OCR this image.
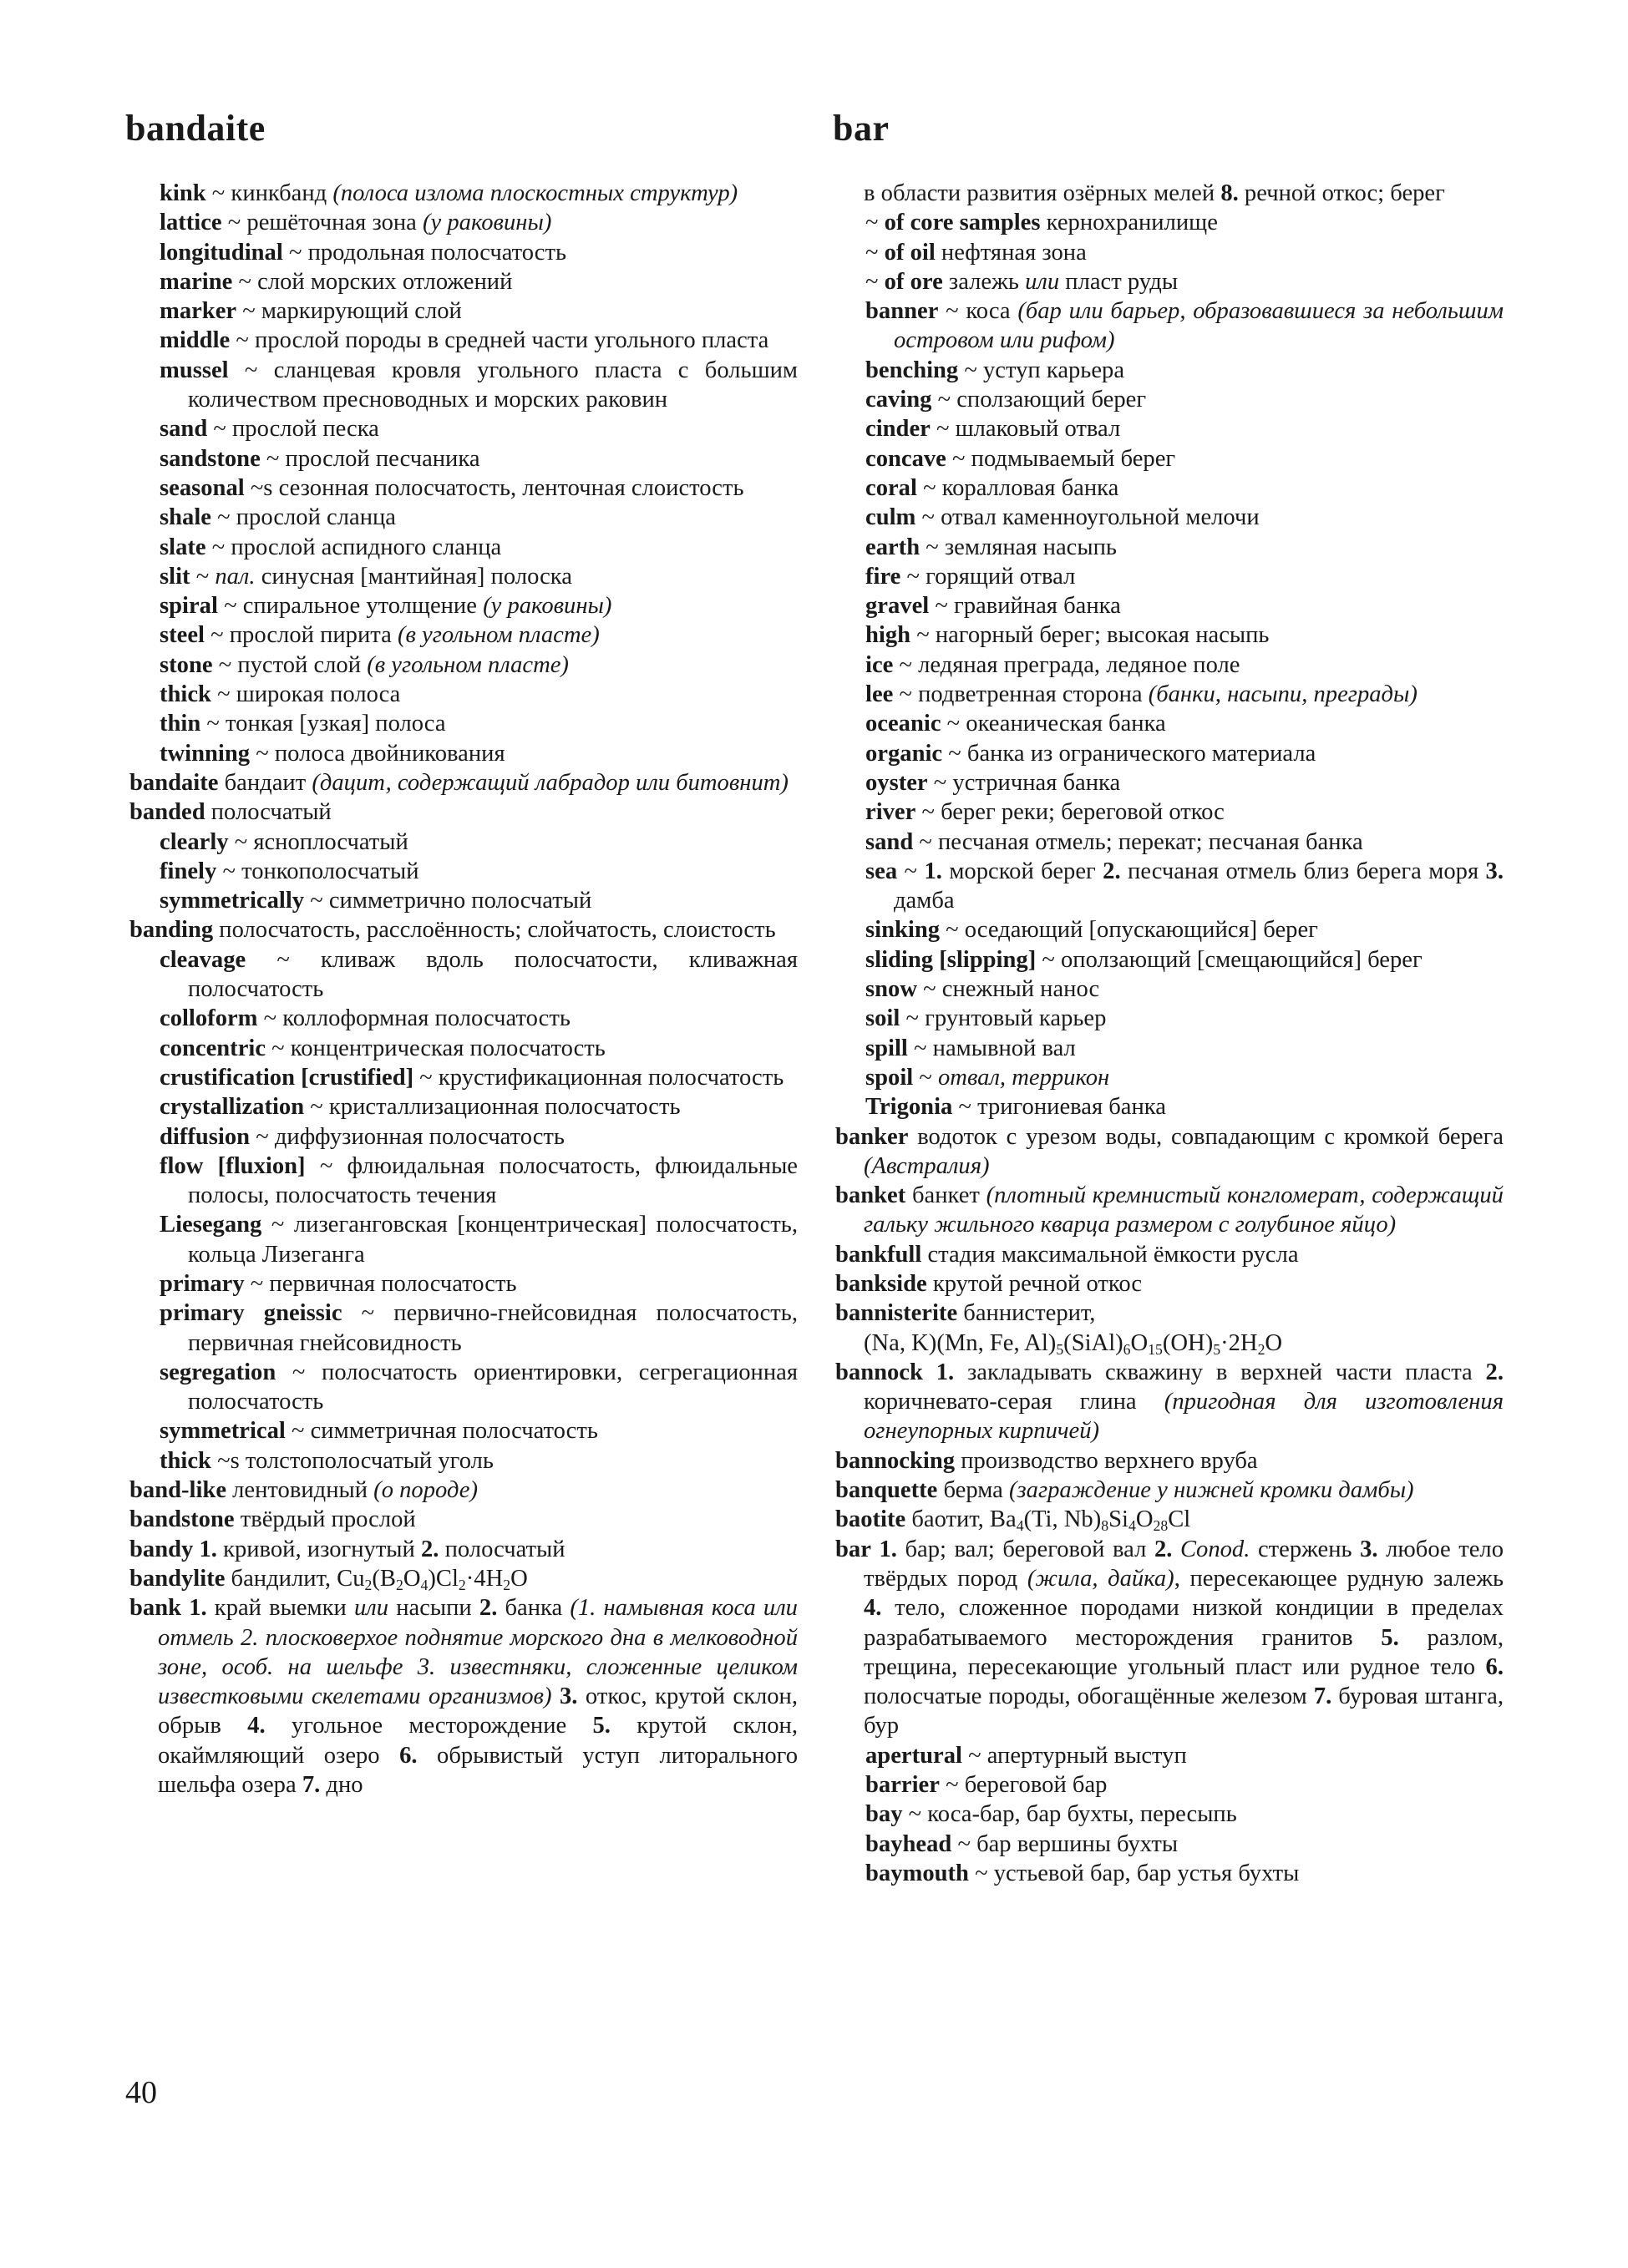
bandaite	bar
kink ~ кинкбанд (полоса излома плоскостных структур)
lattice ~ решёточная зона (у раковины)
longitudinal ~ продольная полосчатость
marine ~ слой морских отложений
marker ~ маркирующий слой
middle ~ прослой породы в средней части угольного пласта
mussel ~ сланцевая кровля угольного пласта с большим количеством пресноводных и морских раковин
sand ~ прослой песка
sandstone ~ прослой песчаника
seasonal ~s сезонная полосчатость, ленточная слоистость
shale ~ прослой сланца
slate ~ прослой аспидного сланца
slit ~ пал. синусная [мантийная] полоска
spiral ~ спиральное утолщение (у раковины)
steel ~ прослой пирита (в угольном пласте)
stone ~ пустой слой (в угольном пласте)
thick ~ широкая полоса
thin ~ тонкая [узкая] полоса
twinning ~ полоса двойникования
bandaite бандаит (дацит, содержащий лабрадор или битовнит)
banded полосчатый
clearly ~ ясноплосчатый
finely ~ тонкополосчатый
symmetrically ~ симметрично полосчатый
banding полосчатость, расслоённость; слойчатость, слоистость
cleavage ~ кливаж вдоль полосчатости, кливажная полосчатость
colloform ~ коллоформная полосчатость
concentric ~ концентрическая полосчатость
crustification [crustified] ~ крустификационная полосчатость
crystallization ~ кристаллизационная полосчатость
diffusion ~ диффузионная полосчатость
flow [fluxion] ~ флюидальная полосчатость, флюидальные полосы, полосчатость течения
Liesegang ~ лизеганговская [концентрическая] полосчатость, кольца Лизеганга
primary ~ первичная полосчатость
primary gneissic ~ первично-гнейсовидная полосчатость, первичная гнейсовидность
segregation ~ полосчатость ориентировки, сегрегационная полосчатость
symmetrical ~ симметричная полосчатость
thick ~s толстополосчатый уголь
band-like лентовидный (о породе)
bandstone твёрдый прослой
bandy 1. кривой, изогнутый 2. полосчатый
bandylite бандилит, $Cu_2(B_2O_4)Cl_2\cdot 4H_2O$
bank 1. край выемки или насыпи 2. банка (1. намывная коса или отмель 2. плосковерхое поднятие морского дна в мелководной зоне, особ. на шельфе 3. известняки, сложенные целиком известковыми скелетами организмов) 3. откос, крутой склон, обрыв 4. угольное месторождение 5. крутой склон, окаймляющий озеро 6. обрывистый уступ литорального шельфа озера 7. дно
в области развития озёрных мелей 8. речной откос; берег
~ of core samples кернохранилище
~ of oil нефтяная зона
~ of ore залежь или пласт руды
banner ~ коса (бар или барьер, образовавшиеся за небольшим островом или рифом)
benching ~ уступ карьера
caving ~ сползающий берег
cinder ~ шлаковый отвал
concave ~ подмываемый берег
coral ~ коралловая банка
culm ~ отвал каменноугольной мелочи
earth ~ земляная насыпь
fire ~ горящий отвал
gravel ~ гравийная банка
high ~ нагорный берег; высокая насыпь
ice ~ ледяная преграда, ледяное поле
lee ~ подветренная сторона (банки, насыпи, преграды)
oceanic ~ океаническая банка
organic ~ банка из огранического материала
oyster ~ устричная банка
river ~ берег реки; береговой откос
sand ~ песчаная отмель; перекат; песчаная банка
sea ~ 1. морской берег 2. песчаная отмель близ берега моря 3. дамба
sinking ~ оседающий [опускающийся] берег
sliding [slipping] ~ оползающий [смещающийся] берег
snow ~ снежный нанос
soil ~ грунтовый карьер
spill ~ намывной вал
spoil ~ отвал, террикон
Trigonia ~ тригониевая банка
banker водоток с урезом воды, совпадающим с кромкой берега (Австралия)
banket банкет (плотный кремнистый конгломерат, содержащий гальку жильного кварца размером с голубиное яйцо)
bankfull стадия максимальной ёмкости русла
bankside крутой речной откос
bannisterite баннистерит,
(Na, K)(Mn, Fe, $Al)_5(SiAl)_6O_{15}(OH)_5\cdot 2H_2O$
bannock 1. закладывать скважину в верхней части пласта 2. коричневато-серая глина (пригодная для изготовления огнеупорных кирпичей)
bannocking производство верхнего вруба
banquette берма (заграждение у нижней кромки дамбы)
baotite баотит, $Ba_4(Ti$, $Nb)_8Si_4O_{28}Cl$
bar 1. бар; вал; береговой вал 2. Conod. стержень 3. любое тело твёрдых пород (жила, дайка), пересекающее рудную залежь 4. тело, сложенное породами низкой кондиции в пределах разрабатываемого месторождения гранитов 5. разлом, трещина, пересекающие угольный пласт или рудное тело 6. полосчатые породы, обогащённые железом 7. буровая штанга, бур
apertural ~ апертурный выступ
barrier ~ береговой бар
bay ~ коса-бар, бар бухты, пересыпь
bayhead ~ бар вершины бухты
baymouth ~ устьевой бар, бар устья бухты
40
